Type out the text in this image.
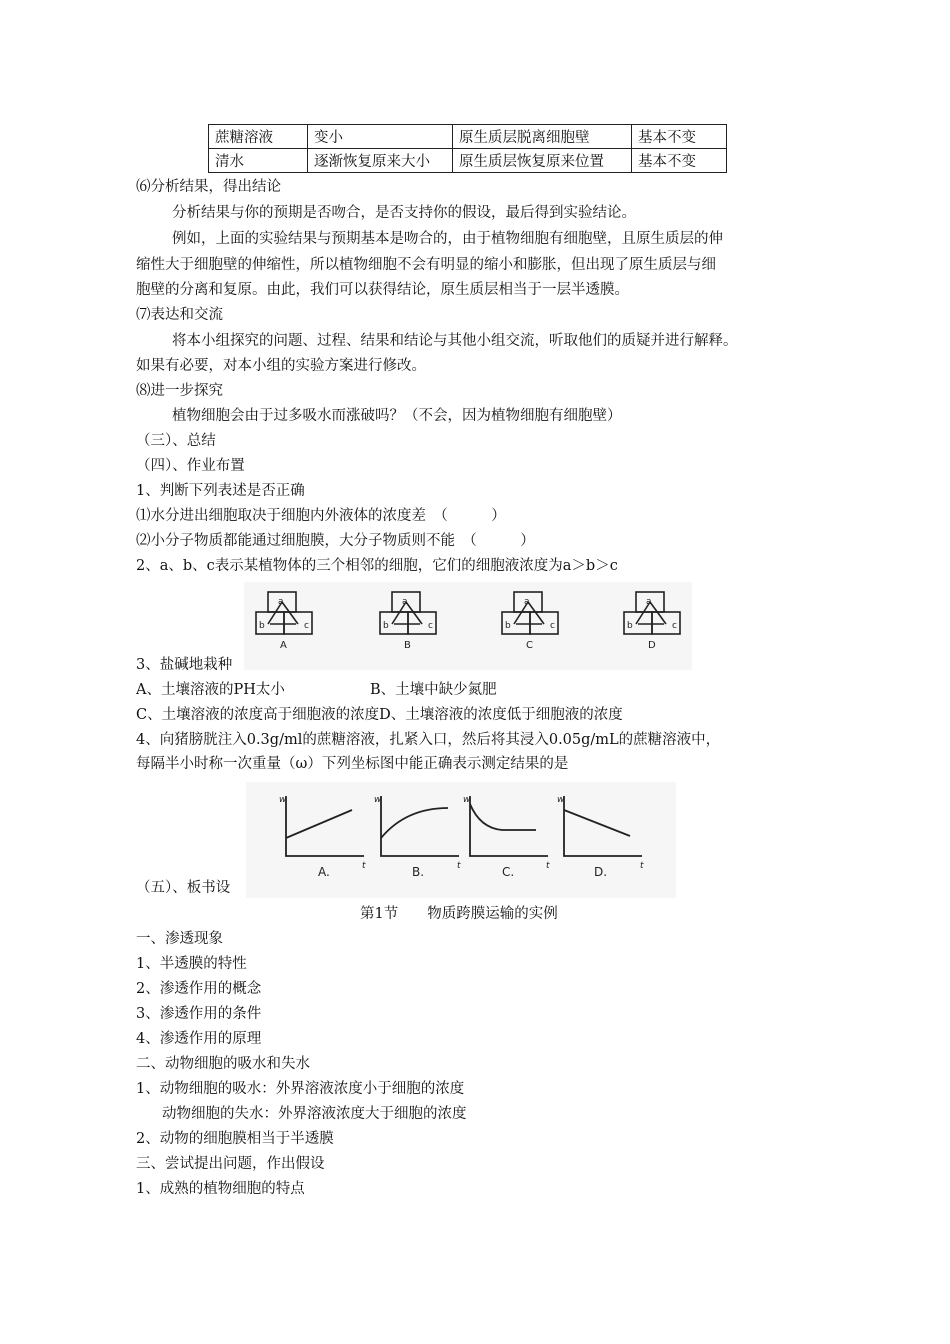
蔗糖溶液	变小	原生质层脱离细胞壁	基本不变
清水	逐渐恢复原来大小	原生质层恢复原来位置	基本不变
⑹分析结果，得出结论
分析结果与你的预期是否吻合，是否支持你的假设，最后得到实验结论。
例如，上面的实验结果与预期基本是吻合的，由于植物细胞有细胞壁，且原生质层的伸
缩性大于细胞壁的伸缩性，所以植物细胞不会有明显的缩小和膨胀，但出现了原生质层与细
胞壁的分离和复原。由此，我们可以获得结论，原生质层相当于一层半透膜。
⑺表达和交流
将本小组探究的问题、过程、结果和结论与其他小组交流，听取他们的质疑并进行解释。
如果有必要，对本小组的实验方案进行修改。
⑻进一步探究
植物细胞会由于过多吸水而涨破吗？（不会，因为植物细胞有细胞壁）
（三）、总结
（四）、作业布置
1、判断下列表述是否正确
⑴水分进出细胞取决于细胞内外液体的浓度差　（　　　）
⑵小分子物质都能通过细胞膜，大分子物质则不能　（　　　）
2、a、b、c表示某植物体的三个相邻的细胞，它们的细胞液浓度为a＞b＞c
a
b	c
a
b	c
a
b	c
a
b	c
A	B	C	D
3、盐碱地栽种
A、土壤溶液的PH太小	B、土壤中缺少氮肥
C、土壤溶液的浓度高于细胞液的浓度D、土壤溶液的浓度低于细胞液的浓度
4、向猪膀胱注入0.3g/ml的蔗糖溶液，扎紧入口，然后将其浸入0.05g/mL的蔗糖溶液中，
每隔半小时称一次重量（ω）下列坐标图中能正确表示测定结果的是
w
t
w
t
w
t
w
t
A.	B.	C.	D.
（五）、板书设
第1节　　物质跨膜运输的实例
一、渗透现象
1、半透膜的特性
2、渗透作用的概念
3、渗透作用的条件
4、渗透作用的原理
二、动物细胞的吸水和失水
1、动物细胞的吸水：外界溶液浓度小于细胞的浓度
动物细胞的失水：外界溶液浓度大于细胞的浓度
2、动物的细胞膜相当于半透膜
三、尝试提出问题，作出假设
1、成熟的植物细胞的特点
